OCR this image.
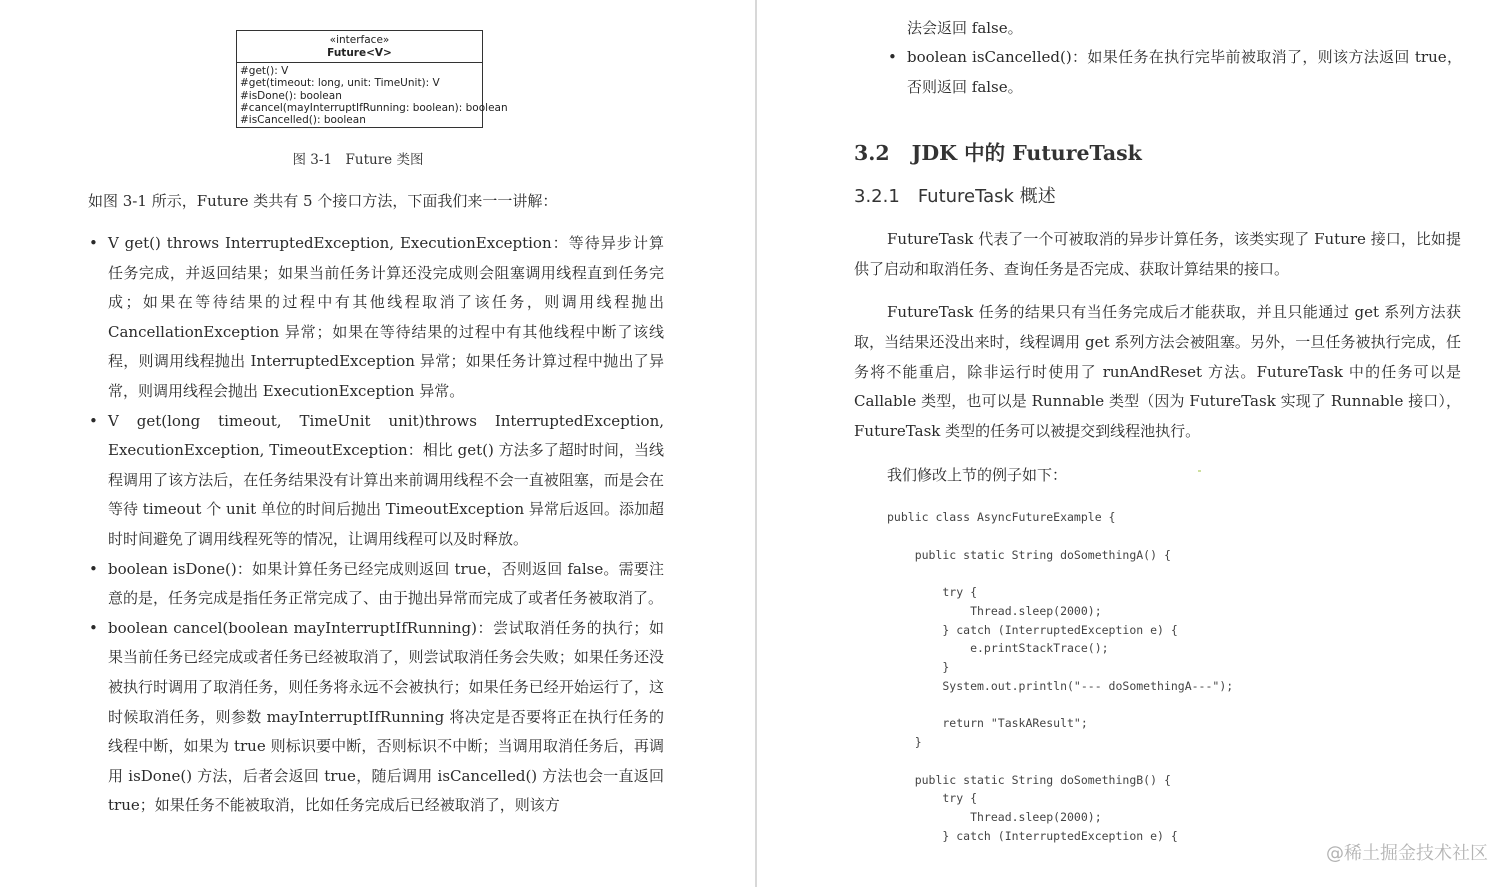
«interface»
Future<V>
#get(): V
#get(timeout: long, unit: TimeUnit): V
#isDone(): boolean
#cancel(mayInterruptIfRunning: boolean): boolean
#isCancelled(): boolean
图 3-1　Future 类图
如图 3-1 所示，Future 类共有 5 个接口方法，下面我们来一一讲解：
• V get() throws InterruptedException, ExecutionException：等待异步计算任务完成，并返回结果；如果当前任务计算还没完成则会阻塞调用线程直到任务完成；如果在等待结果的过程中有其他线程取消了该任务，则调用线程抛出 CancellationException 异常；如果在等待结果的过程中有其他线程中断了该线程，则调用线程抛出 InterruptedException 异常；如果任务计算过程中抛出了异常，则调用线程会抛出 ExecutionException 异常。
• V get(long timeout, TimeUnit unit)throws InterruptedException, ExecutionException, TimeoutException：相比 get() 方法多了超时时间，当线程调用了该方法后，在任务结果没有计算出来前调用线程不会一直被阻塞，而是会在等待 timeout 个 unit 单位的时间后抛出 TimeoutException 异常后返回。添加超时时间避免了调用线程死等的情况，让调用线程可以及时释放。
• boolean isDone()：如果计算任务已经完成则返回 true，否则返回 false。需要注意的是，任务完成是指任务正常完成了、由于抛出异常而完成了或者任务被取消了。
• boolean cancel(boolean mayInterruptIfRunning)：尝试取消任务的执行；如果当前任务已经完成或者任务已经被取消了，则尝试取消任务会失败；如果任务还没被执行时调用了取消任务，则任务将永远不会被执行；如果任务已经开始运行了，这时候取消任务，则参数 mayInterruptIfRunning 将决定是否要将正在执行任务的线程中断，如果为 true 则标识要中断，否则标识不中断；当调用取消任务后，再调用 isDone() 方法，后者会返回 true，随后调用 isCancelled() 方法也会一直返回 true；如果任务不能被取消，比如任务完成后已经被取消了，则该方
法会返回 false。
• boolean isCancelled()：如果任务在执行完毕前被取消了，则该方法返回 true，否则返回 false。
3.2 JDK 中的 FutureTask
3.2.1 FutureTask 概述
FutureTask 代表了一个可被取消的异步计算任务，该类实现了 Future 接口，比如提供了启动和取消任务、查询任务是否完成、获取计算结果的接口。
FutureTask 任务的结果只有当任务完成后才能获取，并且只能通过 get 系列方法获取，当结果还没出来时，线程调用 get 系列方法会被阻塞。另外，一旦任务被执行完成，任务将不能重启，除非运行时使用了 runAndReset 方法。FutureTask 中的任务可以是 Callable 类型，也可以是 Runnable 类型（因为 FutureTask 实现了 Runnable 接口），FutureTask 类型的任务可以被提交到线程池执行。
我们修改上节的例子如下：
public class AsyncFutureExample {
public static String doSomethingA() {
try {
Thread.sleep(2000);
} catch (InterruptedException e) {
e.printStackTrace();
}
System.out.println("--- doSomethingA---");
return "TaskAResult";
}
public static String doSomethingB() {
try {
Thread.sleep(2000);
} catch (InterruptedException e) {
@稀土掘金技术社区
